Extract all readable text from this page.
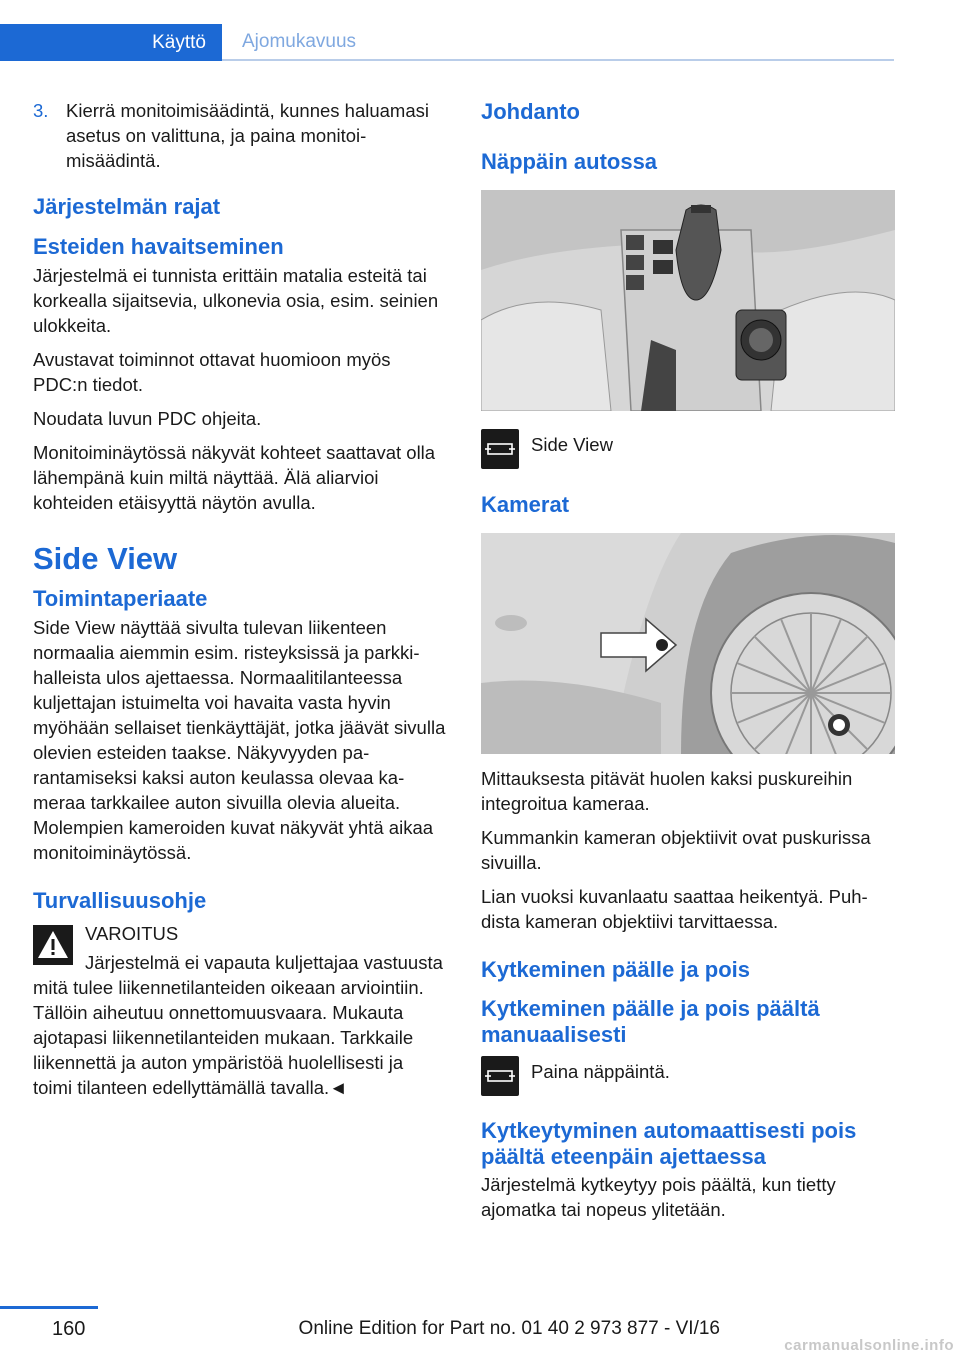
Käyttö	Ajomukavuus
3. Kierrä monitoimisäädintä, kunnes haluamasi asetus on valittuna, ja paina monitoimisäädintä.
Järjestelmän rajat
Esteiden havaitseminen

Järjestelmä ei tunnista erittäin matalia esteitä tai korkealla sijaitsevia, ulkonevia osia, esim. seinien ulokkeita.

Avustavat toiminnot ottavat huomioon myös PDC:n tiedot.

Noudata luvun PDC ohjeita.

Monitoiminäytössä näkyvät kohteet saattavat olla lähempänä kuin miltä näyttää. Älä aliarvioi kohteiden etäisyyttä näytön avulla.

Side View
Toimintaperiaate

Side View näyttää sivulta tulevan liikenteen normaalia aiemmin esim. risteyksissä ja parkkihalleista ulos ajettaessa. Normaalitilanteessa kuljettajan istuimelta voi havaita vasta hyvin myöhään sellaiset tienkäyttäjät, jotka jäävät sivulla olevien esteiden taakse. Näkyvyyden parantamiseksi kaksi auton keulassa olevaa kameraa tarkkailee auton sivuilla olevia alueita. Molempien kameroiden kuvat näkyvät yhtä aikaa monitoiminäytössä.

Turvallisuusohje
VAROITUS

Järjestelmä ei vapauta kuljettajaa vastuusta mitä tulee liikennetilanteiden oikeaan arviointiin. Tällöin aiheutuu onnettomuusvaara. Mukauta ajotapasi liikennetilanteiden mukaan. Tarkkaile liikennettä ja auton ympäristöä huolellisesti ja toimi tilanteen edellyttämällä tavalla.◄

Johdanto
Näppäin autossa
Side View
Kamerat

Mittauksesta pitävät huolen kaksi puskureihin integroitua kameraa.

Kummankin kameran objektiivit ovat puskurissa sivuilla.

Lian vuoksi kuvanlaatu saattaa heikentyä. Puhdista kameran objektiivi tarvittaessa.

Kytkeminen päälle ja pois
Kytkeminen päälle ja pois päältä manuaalisesti
Paina näppäintä.
Kytkeytyminen automaattisesti pois päältä eteenpäin ajettaessa

Järjestelmä kytkeytyy pois päältä, kun tietty ajomatka tai nopeus ylitetään.

160	Online Edition for Part no. 01 40 2 973 877 - VI/16
carmanualsonline.info
